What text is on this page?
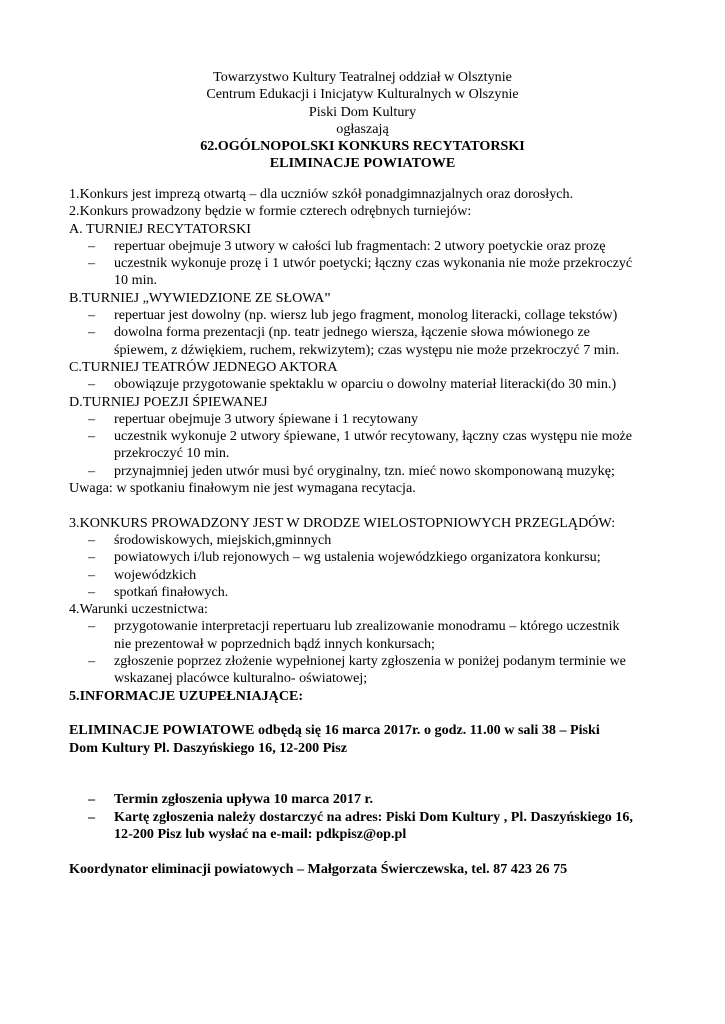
Towarzystwo Kultury Teatralnej oddział w Olsztynie
Centrum Edukacji i Inicjatyw Kulturalnych w Olszynie
Piski Dom Kultury
ogłaszają
62.OGÓLNOPOLSKI KONKURS RECYTATORSKI
ELIMINACJE POWIATOWE
1.Konkurs jest imprezą otwartą – dla uczniów szkół ponadgimnazjalnych oraz dorosłych.
2.Konkurs prowadzony będzie w formie czterech odrębnych turniejów:
A. TURNIEJ RECYTATORSKI
– repertuar obejmuje 3 utwory w całości lub fragmentach: 2 utwory poetyckie oraz prozę
– uczestnik wykonuje prozę i 1 utwór poetycki; łączny czas wykonania nie może przekroczyć
10 min.
B.TURNIEJ „WYWIEDZIONE ZE SŁOWA”
– repertuar jest dowolny (np. wiersz lub jego fragment, monolog literacki, collage tekstów)
– dowolna forma prezentacji (np. teatr jednego wiersza, łączenie słowa mówionego ze
śpiewem, z dźwiękiem, ruchem, rekwizytem); czas występu nie może przekroczyć 7 min.
C.TURNIEJ TEATRÓW JEDNEGO AKTORA
– obowiązuje przygotowanie spektaklu w oparciu o dowolny materiał literacki(do 30 min.)
D.TURNIEJ POEZJI ŚPIEWANEJ
– repertuar obejmuje 3 utwory śpiewane i 1 recytowany
– uczestnik wykonuje 2 utwory śpiewane, 1 utwór recytowany, łączny czas występu nie może
przekroczyć 10 min.
– przynajmniej jeden utwór musi być oryginalny, tzn. mieć nowo skomponowaną muzykę;
Uwaga: w spotkaniu finałowym nie jest wymagana recytacja.
3.KONKURS PROWADZONY JEST W DRODZE WIELOSTOPNIOWYCH PRZEGLĄDÓW:
– środowiskowych, miejskich,gminnych
– powiatowych i/lub rejonowych – wg ustalenia wojewódzkiego organizatora konkursu;
– wojewódzkich
– spotkań finałowych.
4.Warunki uczestnictwa:
– przygotowanie interpretacji repertuaru lub zrealizowanie monodramu – którego uczestnik
nie prezentował w poprzednich bądź innych konkursach;
– zgłoszenie poprzez złożenie wypełnionej karty zgłoszenia w poniżej podanym terminie we
wskazanej placówce kulturalno- oświatowej;
5.INFORMACJE UZUPEŁNIAJĄCE:
ELIMINACJE POWIATOWE odbędą się 16 marca 2017r. o godz. 11.00 w sali 38 – Piski
Dom Kultury Pl. Daszyńskiego 16, 12-200 Pisz
– Termin zgłoszenia upływa 10 marca 2017 r.
– Kartę zgłoszenia należy dostarczyć na adres: Piski Dom Kultury , Pl. Daszyńskiego 16,
12-200 Pisz lub wysłać na e-mail: pdkpisz@op.pl
Koordynator eliminacji powiatowych – Małgorzata Świerczewska, tel. 87 423 26 75
